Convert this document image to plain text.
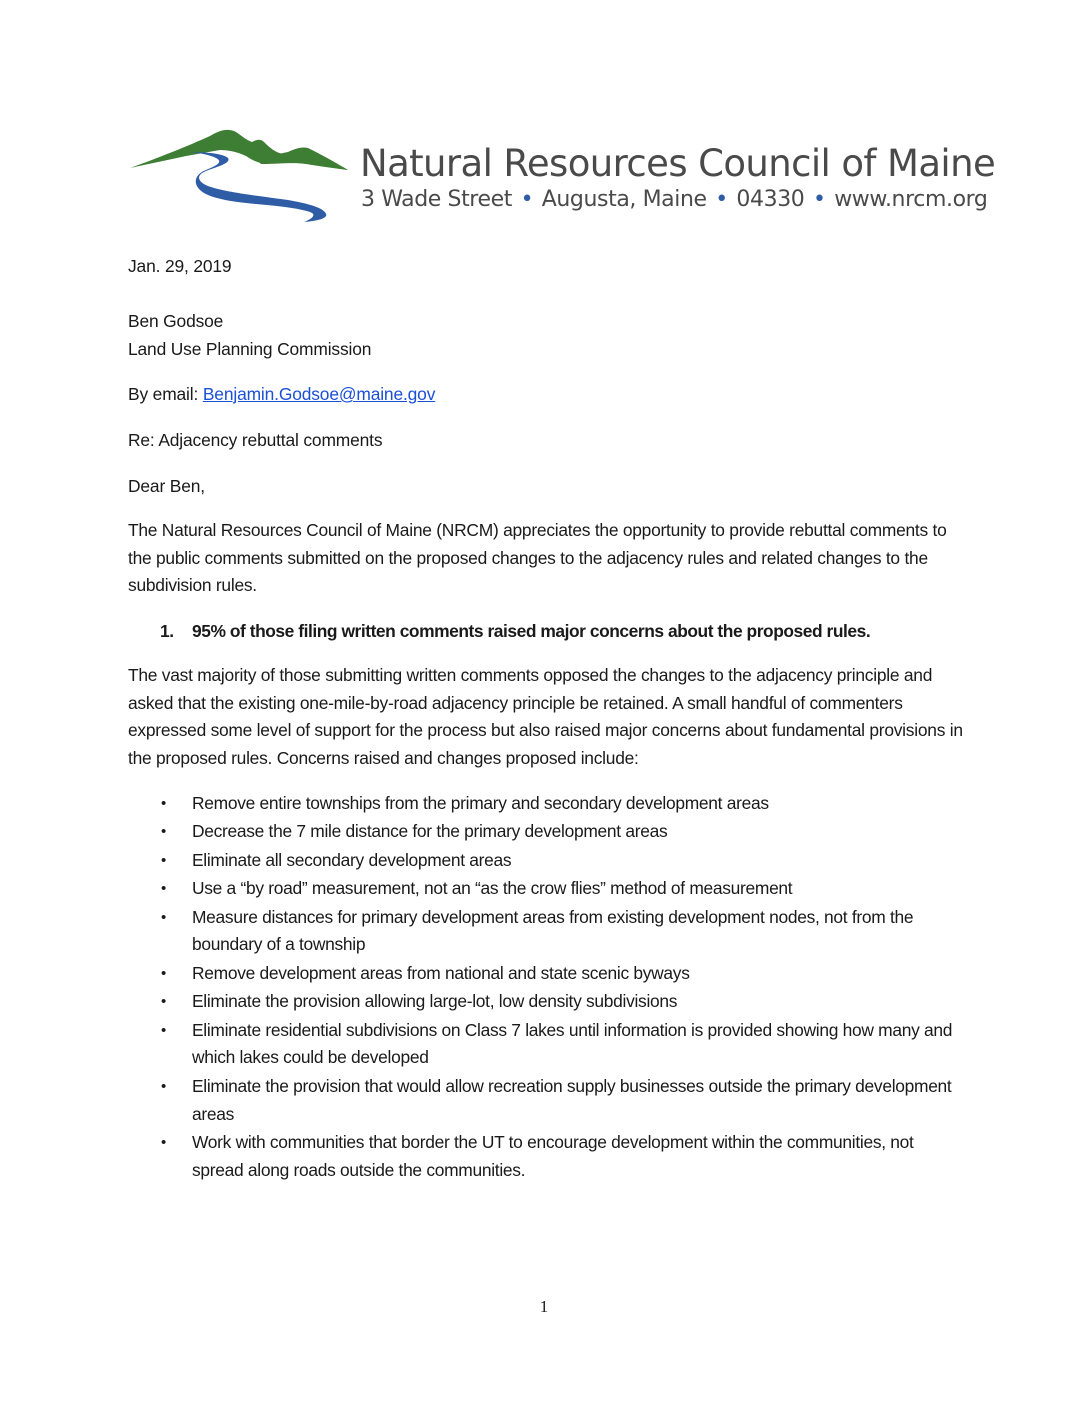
Natural Resources Council of Maine
3 Wade Street • Augusta, Maine • 04330 • www.nrcm.org
Jan. 29, 2019
Ben Godsoe
Land Use Planning Commission
By email: Benjamin.Godsoe@maine.gov
Re: Adjacency rebuttal comments
Dear Ben,
The Natural Resources Council of Maine (NRCM) appreciates the opportunity to provide rebuttal comments to the public comments submitted on the proposed changes to the adjacency rules and related changes to the subdivision rules.
1. 95% of those filing written comments raised major concerns about the proposed rules.
The vast majority of those submitting written comments opposed the changes to the adjacency principle and asked that the existing one-mile-by-road adjacency principle be retained. A small handful of commenters expressed some level of support for the process but also raised major concerns about fundamental provisions in the proposed rules. Concerns raised and changes proposed include:
• Remove entire townships from the primary and secondary development areas
• Decrease the 7 mile distance for the primary development areas
• Eliminate all secondary development areas
• Use a “by road” measurement, not an “as the crow flies” method of measurement
• Measure distances for primary development areas from existing development nodes, not from the boundary of a township
• Remove development areas from national and state scenic byways
• Eliminate the provision allowing large-lot, low density subdivisions
• Eliminate residential subdivisions on Class 7 lakes until information is provided showing how many and which lakes could be developed
• Eliminate the provision that would allow recreation supply businesses outside the primary development areas
• Work with communities that border the UT to encourage development within the communities, not spread along roads outside the communities.
1
